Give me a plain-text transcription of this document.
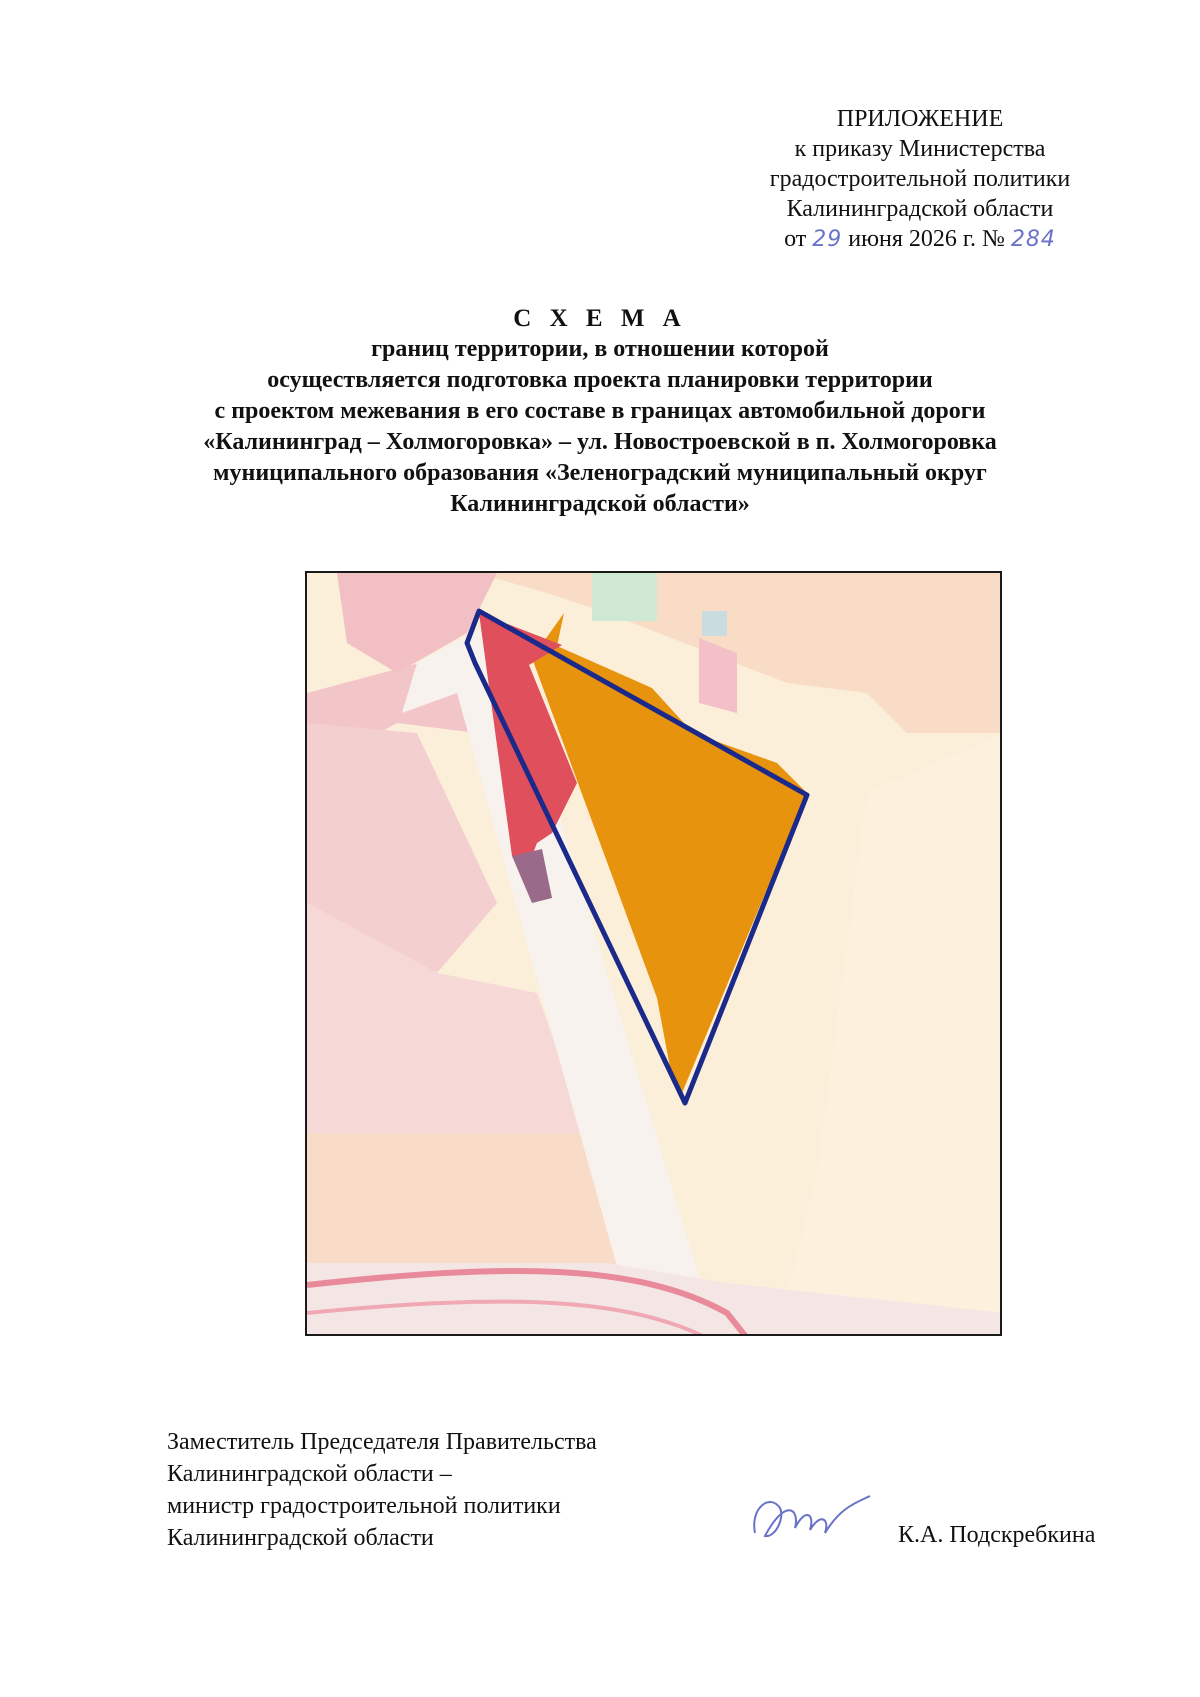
ПРИЛОЖЕНИЕ
к приказу Министерства
градостроительной политики
Калининградской области
от 29 июня 2026 г. № 284
С Х Е М А
границ территории, в отношении которой
осуществляется подготовка проекта планировки территории
с проектом межевания в его составе в границах автомобильной дороги
«Калининград – Холмогоровка» – ул. Новостроевской в п. Холмогоровка
муниципального образования «Зеленоградский муниципальный округ
Калининградской области»
Заместитель Председателя Правительства
Калининградской области –
министр градостроительной политики
Калининградской области	К.А. Подскребкина
